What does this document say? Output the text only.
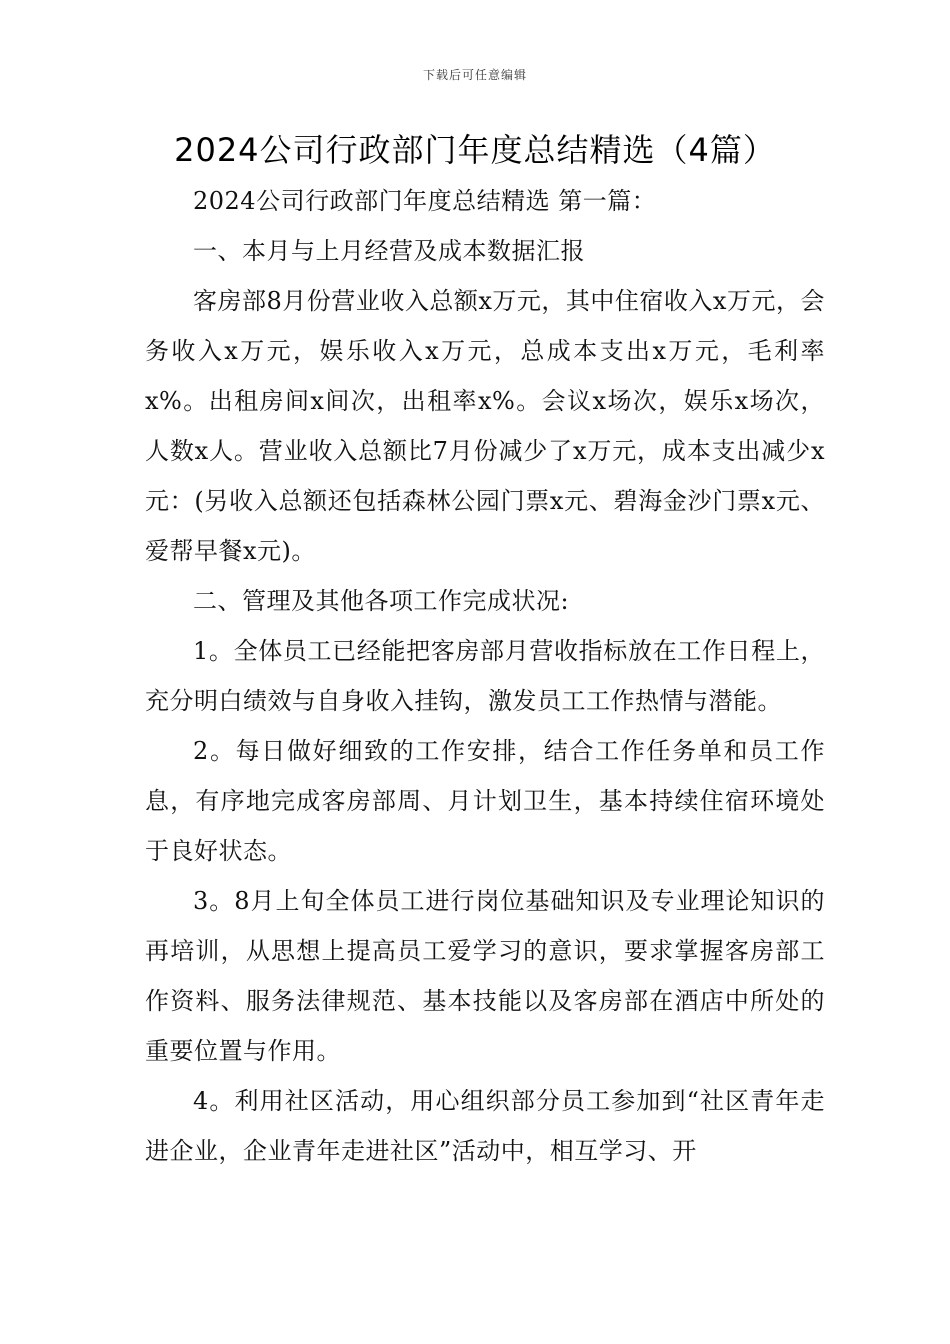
下载后可任意编辑
2024公司行政部门年度总结精选（4篇）

2024公司行政部门年度总结精选 第一篇：

一、本月与上月经营及成本数据汇报

客房部8月份营业收入总额x万元，其中住宿收入x万元，会务收入x万元，娱乐收入x万元，总成本支出x万元，毛利率x%。出租房间x间次，出租率x%。会议x场次，娱乐x场次，人数x人。营业收入总额比7月份减少了x万元，成本支出减少x元：(另收入总额还包括森林公园门票x元、碧海金沙门票x元、爱帮早餐x元)。

二、管理及其他各项工作完成状况:

1。全体员工已经能把客房部月营收指标放在工作日程上，充分明白绩效与自身收入挂钩，激发员工工作热情与潜能。

2。每日做好细致的工作安排，结合工作任务单和员工作息，有序地完成客房部周、月计划卫生，基本持续住宿环境处于良好状态。

3。8月上旬全体员工进行岗位基础知识及专业理论知识的再培训，从思想上提高员工爱学习的意识，要求掌握客房部工作资料、服务法律规范、基本技能以及客房部在酒店中所处的重要位置与作用。

4。利用社区活动，用心组织部分员工参加到“社区青年走进企业，企业青年走进社区”活动中，相互学习、开
